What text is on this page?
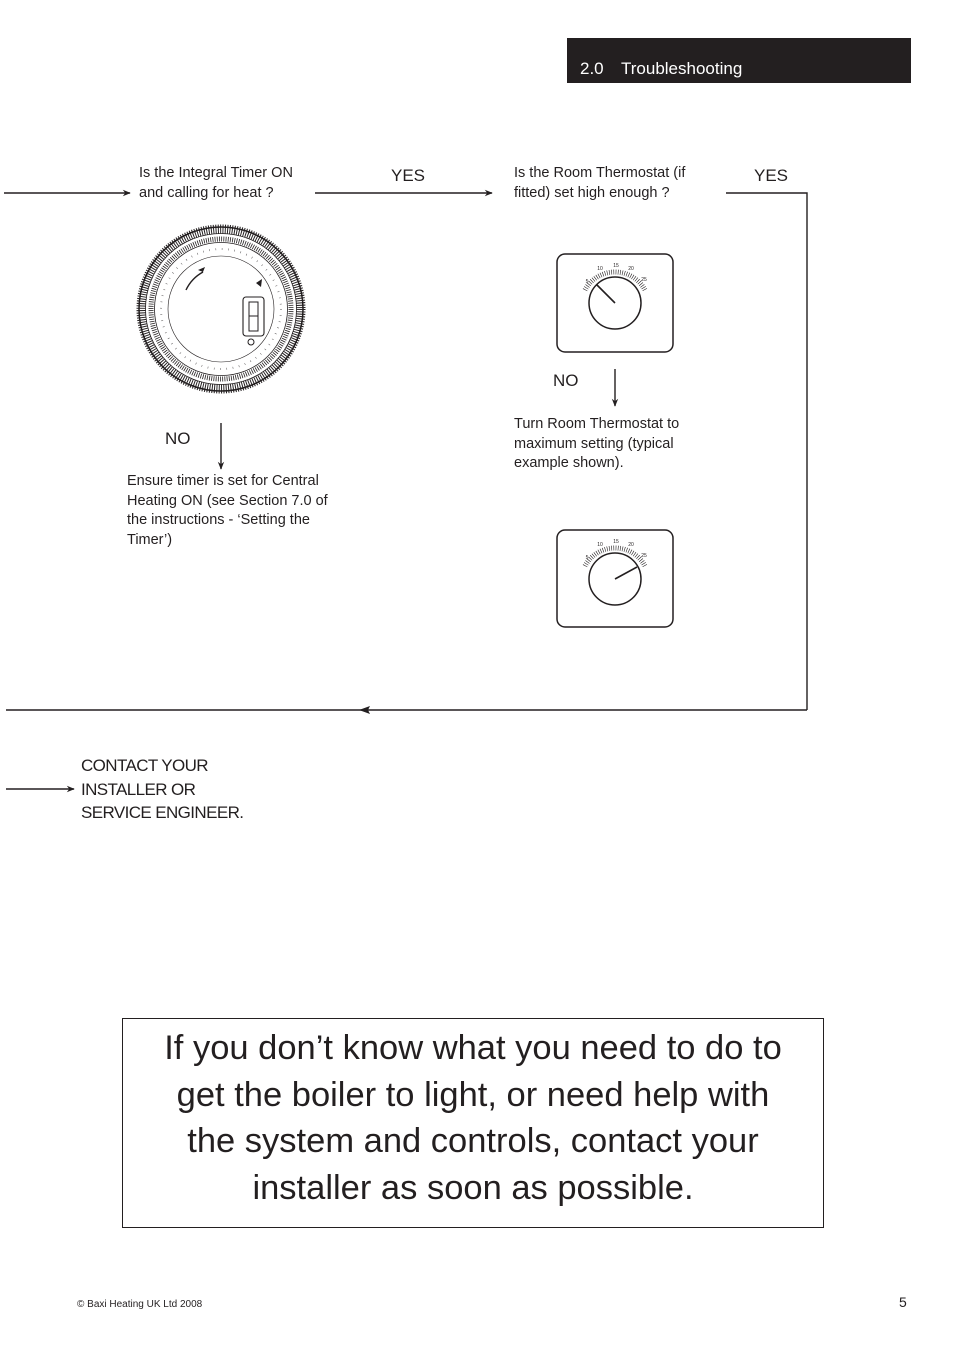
2.0 Troubleshooting
5
10 15 20
25
5
10 15 20
25
Is the Integral Timer ON
and calling for heat ?
Is the Room Thermostat (if
fitted) set high enough ?
YES	YES
NO
NO
Ensure timer is set for Central
Heating ON (see Section 7.0 of
the instructions - ‘Setting the
Timer’)
Turn Room Thermostat to
maximum setting (typical
example shown).
CONTACT YOUR
INSTALLER OR
SERVICE ENGINEER.
If you don’t know what you need to do to
get the boiler to light, or need help with
the system and controls, contact your
installer as soon as possible.
© Baxi Heating UK Ltd 2008	5
